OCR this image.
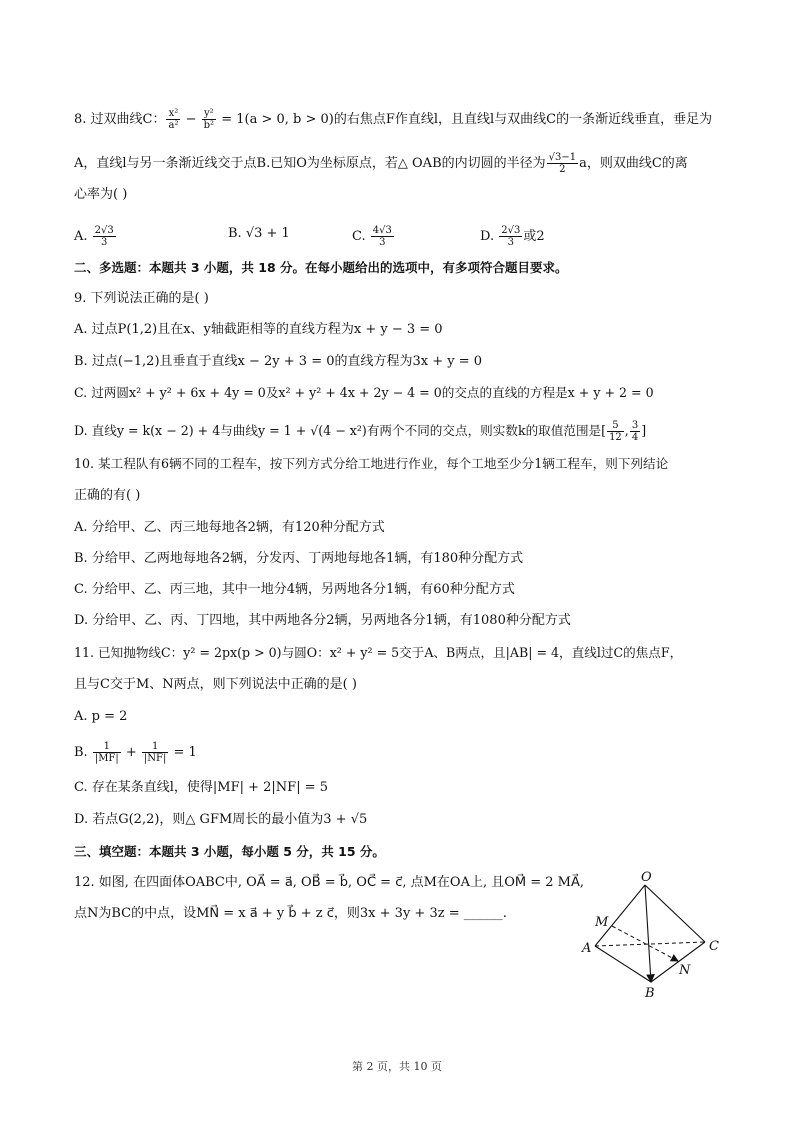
8. 过双曲线C： $\frac{\text{x²}}{\text{a²}} - \frac{\text{y²}}{\text{b²}} = 1(a > 0$, b > 0)的右焦点F作直线l，且直线l与双曲线C的一条渐近线垂直，垂足为
A，直线l与另一条渐近线交于点B.已知O为坐标原点，若△ OAB的内切圆的半径为 $\frac{√3-1}{2}$ a，则双曲线C的离
心率为( )
A. $\frac{2√3}{3}$	B. √3 + 1	C. $\frac{4√3}{3}$	D. $\frac{2√3}{3}$ 或2
二、多选题：本题共 3 小题，共 18 分。在每小题给出的选项中，有多项符合题目要求。
9. 下列说法正确的是( )
A. 过点P(1,2)且在x、y轴截距相等的直线方程为x + y − 3 = 0
B. 过点(−1,2)且垂直于直线x − 2y + 3 = 0的直线方程为3x + y = 0
C. 过两圆x² + y² + 6x + 4y = 0及x² + y² + 4x + 2y − 4 = 0的交点的直线的方程是x + y + 2 = 0
D. 直线y = k(x − 2) + 4与曲线y = 1 + √(4 − x²)有两个不同的交点，则实数k的取值范围是[ $\frac{5}{12}$ , $\frac{3}{4}$ ]
10. 某工程队有6辆不同的工程车，按下列方式分给工地进行作业，每个工地至少分1辆工程车，则下列结论
正确的有( )
A. 分给甲、乙、丙三地每地各2辆，有120种分配方式
B. 分给甲、乙两地每地各2辆，分发丙、丁两地每地各1辆，有180种分配方式
C. 分给甲、乙、丙三地，其中一地分4辆，另两地各分1辆，有60种分配方式
D. 分给甲、乙、丙、丁四地，其中两地各分2辆，另两地各分1辆，有1080种分配方式
11. 已知抛物线C：y² = 2px(p > 0)与圆O：x² + y² = 5交于A、B两点，且|AB| = 4，直线l过C的焦点F，
且与C交于M、N两点，则下列说法中正确的是( )
A. p = 2
B. $\frac{1}{|MF|} + \frac{1}{|NF|} = 1$
C. 存在某条直线l，使得|MF| + 2|NF| = 5
D. 若点G(2,2)，则△ GFM周长的最小值为3 + √5
三、填空题：本题共 3 小题，每小题 5 分，共 15 分。
12. 如图, 在四面体OABC中, OA⃗ = a⃗, OB⃗ = b⃗, OC⃗ = c⃗, 点M在OA上, 且OM⃗ = 2 MA⃗,
点N为BC的中点，设MN⃗ = x a⃗ + y b⃗ + z c⃗，则3x + 3y + 3z = ______.
O
M
A	C
N
B
第 2 页，共 10 页
